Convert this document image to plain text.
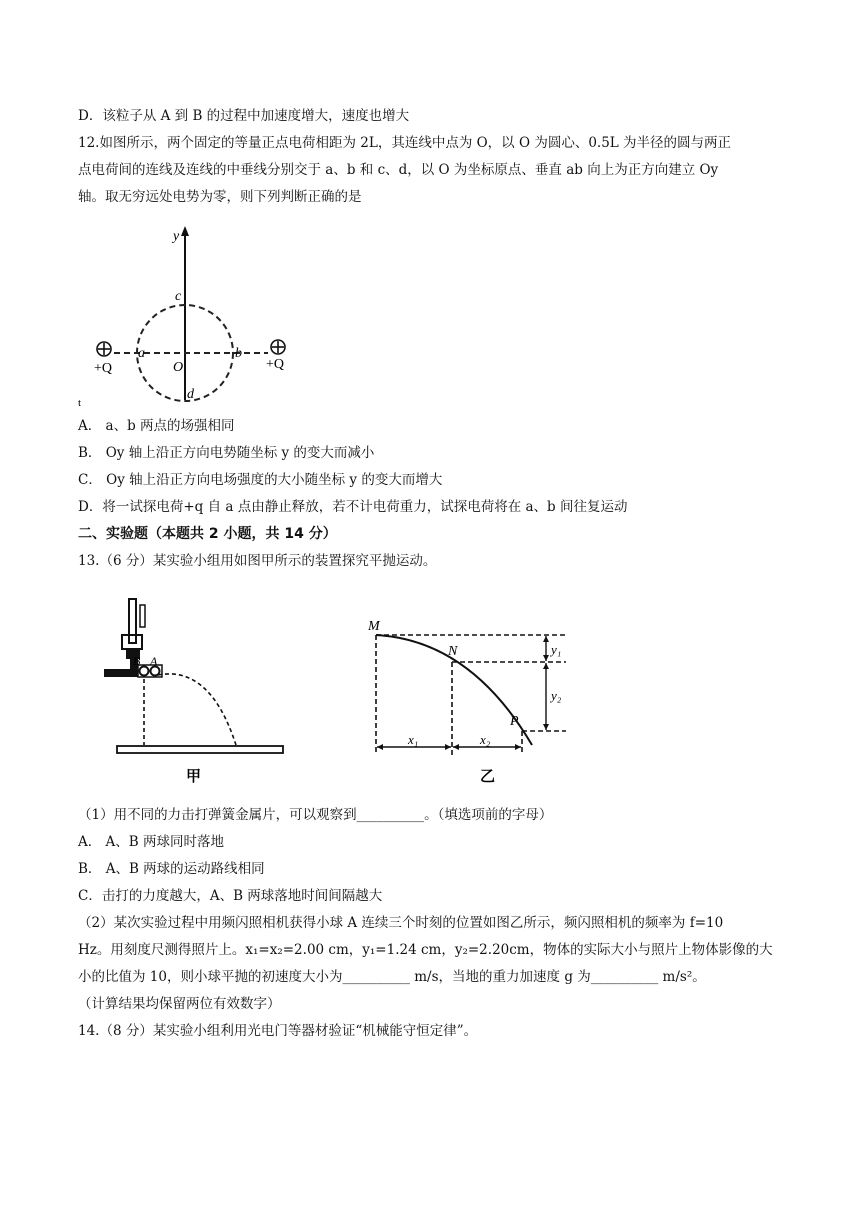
D．该粒子从 A 到 B 的过程中加速度增大，速度也增大
12.如图所示，两个固定的等量正点电荷相距为 2L，其连线中点为 O，以 O 为圆心、0.5L 为半径的圆与两正
点电荷间的连线及连线的中垂线分别交于 a、b 和 c、d，以 O 为坐标原点、垂直 ab 向上为正方向建立 Oy
轴。取无穷远处电势为零，则下列判断正确的是
y
c
O
a	b
d
+Q	+Q
t
A． a、b 两点的场强相同
B． Oy 轴上沿正方向电势随坐标 y 的变大而减小
C． Oy 轴上沿正方向电场强度的大小随坐标 y 的变大而增大
D．将一试探电荷+q 自 a 点由静止释放，若不计电荷重力，试探电荷将在 a、b 间往复运动
二、实验题（本题共 2 小题，共 14 分）
13.（6 分）某实验小组用如图甲所示的装置探究平抛运动。
B A
甲
M
N
P
y₁
y₂
x₁	x₂
乙
（1）用不同的力击打弹簧金属片，可以观察到__________。（填选项前的字母）
A． A、B 两球同时落地
B． A、B 两球的运动路线相同
C．击打的力度越大，A、B 两球落地时间间隔越大
（2）某次实验过程中用频闪照相机获得小球 A 连续三个时刻的位置如图乙所示，频闪照相机的频率为 f=10
Hz。用刻度尺测得照片上。x₁=x₂=2.00 cm，y₁=1.24 cm，y₂=2.20cm，物体的实际大小与照片上物体影像的大
小的比值为 10，则小球平抛的初速度大小为__________ m/s，当地的重力加速度 g 为__________ m/s²。
（计算结果均保留两位有效数字）
14.（8 分）某实验小组利用光电门等器材验证“机械能守恒定律”。
